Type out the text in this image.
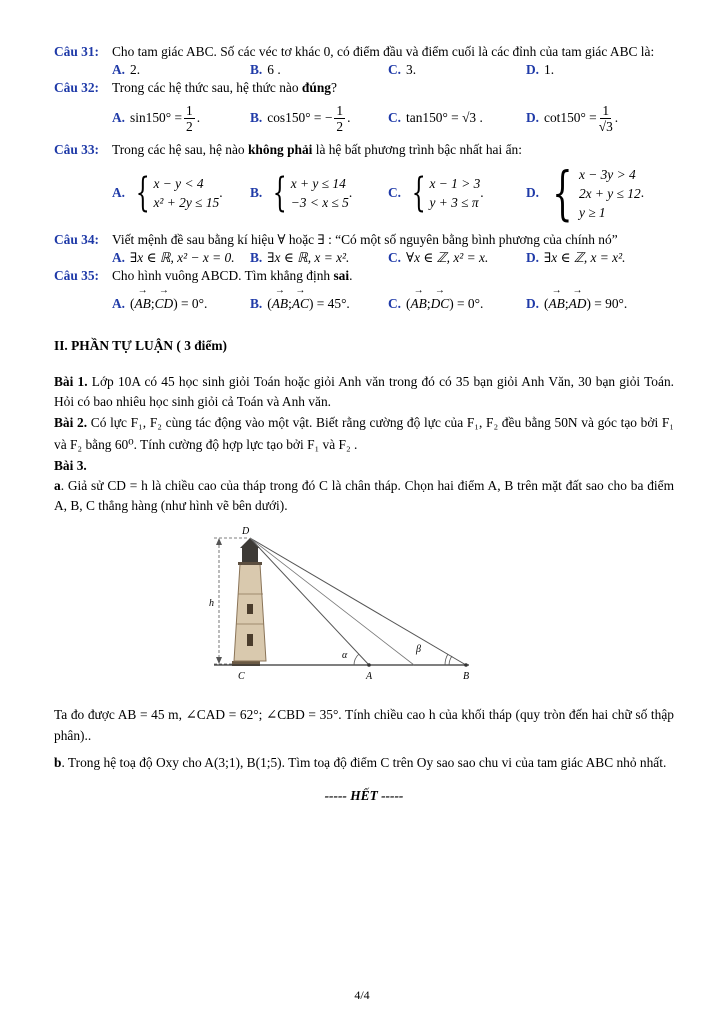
Câu 31: Cho tam giác ABC. Số các véc tơ khác 0, có điểm đầu và điểm cuối là các đỉnh của tam giác ABC là:
A. 2.	B. 6 .	C. 3.	D. 1.
Câu 32: Trong các hệ thức sau, hệ thức nào đúng?
A. $\sin 150^\circ = \frac{1}{2}$ .	B. cos150° = − $\frac{1}{2}$ .	C. tan150° = √3 .	D. $\cot 150^\circ = \frac{1}{√3}$ .
Câu 33: Trong các hệ sau, hệ nào không phải là hệ bất phương trình bậc nhất hai ẩn:
A. { x − y < 4
x² + 2y ≤ 15
. B. { x + y ≤ 14
−3 < x ≤ 5
.	C. { x − 1 > 3
y + 3 ≤ π
.	D. { x − 3y > 4
2x + y ≤ 12
y ≥ 1
.
Câu 34: Viết mệnh đề sau bằng kí hiệu ∀ hoặc ∃ : “Có một số nguyên bằng bình phương của chính nó”
A. ∃x ∈ ℝ, x² − x = 0. B. ∃x ∈ ℝ, x = x².	C. ∀x ∈ ℤ, x² = x.	D. ∃x ∈ ℤ, x = x².
Câu 35: Cho hình vuông ABCD. Tìm khẳng định sai.
A. ( → AB ; → CD ) = 0°.	B. ( → AB ; → AC ) = 45°.	C. ( → AB ; → DC ) = 0°.	D. ( → AB ; → AD ) = 90°.
II. PHẦN TỰ LUẬN ( 3 điểm)
Bài 1. Lớp 10A có 45 học sinh giỏi Toán hoặc giỏi Anh văn trong đó có 35 bạn giỏi Anh Văn, 30 bạn giỏi Toán. Hỏi có bao nhiêu học sinh giỏi cả Toán và Anh văn.
Bài 2. Có lực F₁, F₂ cùng tác động vào một vật. Biết rằng cường độ lực của F₁, F₂ đều bằng 50N và góc tạo bởi F₁ và F₂ bằng 60⁰. Tính cường độ hợp lực tạo bởi F₁ và F₂ .
Bài 3.
a. Giả sử CD = h là chiều cao của tháp trong đó C là chân tháp. Chọn hai điểm A, B trên mặt đất sao cho ba điểm A, B, C thẳng hàng (như hình vẽ bên dưới).
D
h
C	A	B
α
β
Ta đo được AB = 45 m, ∠CAD = 62°; ∠CBD = 35°. Tính chiều cao h của khối tháp (quy tròn đến hai chữ số thập phân)..
b. Trong hệ toạ độ Oxy cho A(3;1), B(1;5). Tìm toạ độ điểm C trên Oy sao sao chu vi của tam giác ABC nhỏ nhất.
----- HẾT -----
4/4
